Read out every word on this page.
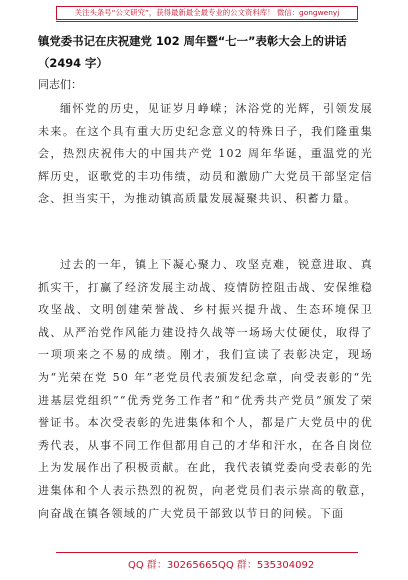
关注头条号“公文研究”，获得最新最全最专业的公文资料库！ 微信：gongwenyj
镇党委书记在庆祝建党 102 周年暨“七一”表彰大会上的讲话（2494 字）
同志们：

缅怀党的历史，见证岁月峥嵘；沐浴党的光辉，引领发展未来。在这个具有重大历史纪念意义的特殊日子，我们隆重集会，热烈庆祝伟大的中国共产党 102 周年华诞，重温党的光辉历史，讴歌党的丰功伟绩，动员和激励广大党员干部坚定信念、担当实干，为推动镇高质量发展凝聚共识、积蓄力量。

过去的一年，镇上下凝心聚力、攻坚克难，锐意进取、真抓实干，打赢了经济发展主动战、疫情防控阻击战、安保维稳攻坚战、文明创建荣誉战、乡村振兴提升战、生态环境保卫战、从严治党作风能力建设持久战等一场场大仗硬仗，取得了一项项来之不易的成绩。刚才，我们宣读了表彰决定，现场为“光荣在党 50 年”老党员代表颁发纪念章，向受表彰的“先进基层党组织”“优秀党务工作者”和“优秀共产党员”颁发了荣誉证书。本次受表彰的先进集体和个人，都是广大党员中的优秀代表，从事不同工作但都用自己的才华和汗水，在各自岗位上为发展作出了积极贡献。在此，我代表镇党委向受表彰的先进集体和个人表示热烈的祝贺，向老党员们表示崇高的敬意，向奋战在镇各领域的广大党员干部致以节日的问候。下面

QQ 群：30265665 QQ 群：535304092
